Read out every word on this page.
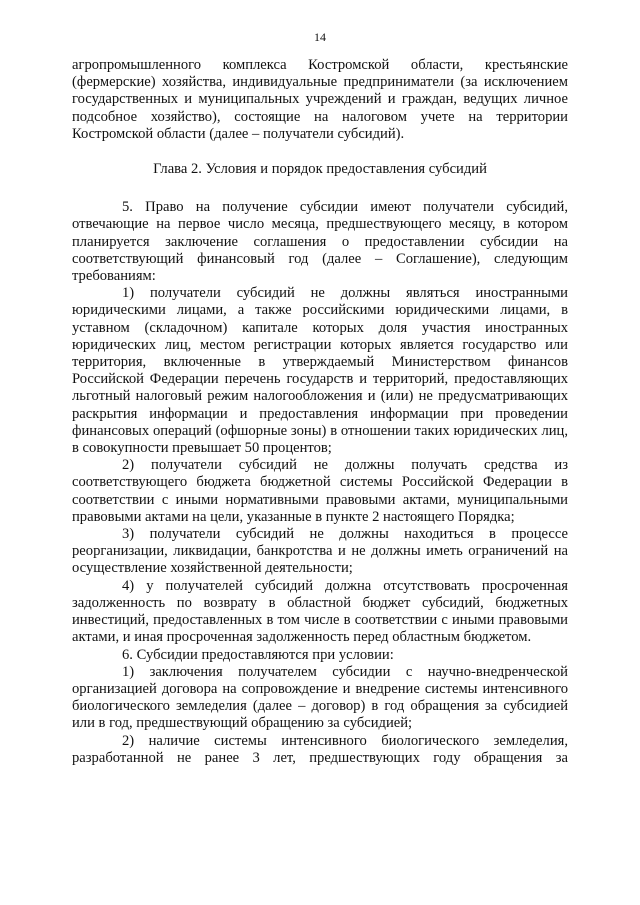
14

агропромышленного комплекса Костромской области, крестьянские (фермерские) хозяйства, индивидуальные предприниматели (за исключением государственных и муниципальных учреждений и граждан, ведущих личное подсобное хозяйство), состоящие на налоговом учете на территории Костромской области (далее – получатели субсидий).

Глава 2. Условия и порядок предоставления субсидий

5. Право на получение субсидии имеют получатели субсидий, отвечающие на первое число месяца, предшествующего месяцу, в котором планируется заключение соглашения о предоставлении субсидии на соответствующий финансовый год (далее – Соглашение), следующим требованиям:

1) получатели субсидий не должны являться иностранными юридическими лицами, а также российскими юридическими лицами, в уставном (складочном) капитале которых доля участия иностранных юридических лиц, местом регистрации которых является государство или территория, включенные в утверждаемый Министерством финансов Российской Федерации перечень государств и территорий, предоставляющих льготный налоговый режим налогообложения и (или) не предусматривающих раскрытия информации и предоставления информации при проведении финансовых операций (офшорные зоны) в отношении таких юридических лиц, в совокупности превышает 50 процентов;

2) получатели субсидий не должны получать средства из соответствующего бюджета бюджетной системы Российской Федерации в соответствии с иными нормативными правовыми актами, муниципальными правовыми актами на цели, указанные в пункте 2 настоящего Порядка;

3) получатели субсидий не должны находиться в процессе реорганизации, ликвидации, банкротства и не должны иметь ограничений на осуществление хозяйственной деятельности;

4) у получателей субсидий должна отсутствовать просроченная задолженность по возврату в областной бюджет субсидий, бюджетных инвестиций, предоставленных в том числе в соответствии с иными правовыми актами, и иная просроченная задолженность перед областным бюджетом.

6. Субсидии предоставляются при условии:

1) заключения получателем субсидии с научно-внедренческой организацией договора на сопровождение и внедрение системы интенсивного биологического земледелия (далее – договор) в год обращения за субсидией или в год, предшествующий обращению за субсидией;

2) наличие системы интенсивного биологического земледелия, разработанной не ранее 3 лет, предшествующих году обращения за
